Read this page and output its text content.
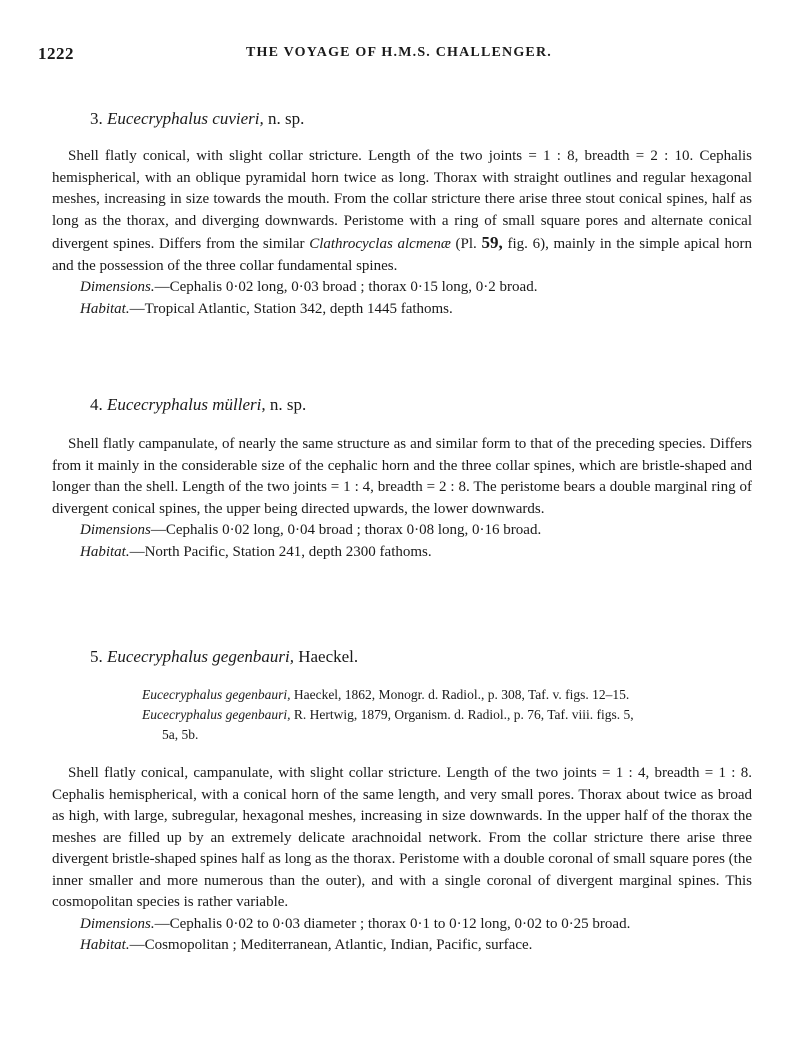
1222	THE VOYAGE OF H.M.S. CHALLENGER.

3. Eucecryphalus cuvieri, n. sp.

Shell flatly conical, with slight collar stricture. Length of the two joints = 1 : 8, breadth = 2 : 10. Cephalis hemispherical, with an oblique pyramidal horn twice as long. Thorax with straight outlines and regular hexagonal meshes, increasing in size towards the mouth. From the collar stricture there arise three stout conical spines, half as long as the thorax, and diverging downwards. Peristome with a ring of small square pores and alternate conical divergent spines. Differs from the similar Clathrocyclas alcmenæ (Pl. 59, fig. 6), mainly in the simple apical horn and the possession of the three collar fundamental spines.

Dimensions.—Cephalis 0·02 long, 0·03 broad ; thorax 0·15 long, 0·2 broad.

Habitat.—Tropical Atlantic, Station 342, depth 1445 fathoms.

4. Eucecryphalus mülleri, n. sp.

Shell flatly campanulate, of nearly the same structure as and similar form to that of the preceding species. Differs from it mainly in the considerable size of the cephalic horn and the three collar spines, which are bristle-shaped and longer than the shell. Length of the two joints = 1 : 4, breadth = 2 : 8. The peristome bears a double marginal ring of divergent conical spines, the upper being directed upwards, the lower downwards.

Dimensions—Cephalis 0·02 long, 0·04 broad ; thorax 0·08 long, 0·16 broad.

Habitat.—North Pacific, Station 241, depth 2300 fathoms.

5. Eucecryphalus gegenbauri, Haeckel.

Eucecryphalus gegenbauri, Haeckel, 1862, Monogr. d. Radiol., p. 308, Taf. v. figs. 12–15.

Eucecryphalus gegenbauri, R. Hertwig, 1879, Organism. d. Radiol., p. 76, Taf. viii. figs. 5,

5a, 5b.

Shell flatly conical, campanulate, with slight collar stricture. Length of the two joints = 1 : 4, breadth = 1 : 8. Cephalis hemispherical, with a conical horn of the same length, and very small pores. Thorax about twice as broad as high, with large, subregular, hexagonal meshes, increasing in size downwards. In the upper half of the thorax the meshes are filled up by an extremely delicate arachnoidal network. From the collar stricture there arise three divergent bristle-shaped spines half as long as the thorax. Peristome with a double coronal of small square pores (the inner smaller and more numerous than the outer), and with a single coronal of divergent marginal spines. This cosmopolitan species is rather variable.

Dimensions.—Cephalis 0·02 to 0·03 diameter ; thorax 0·1 to 0·12 long, 0·02 to 0·25 broad.

Habitat.—Cosmopolitan ; Mediterranean, Atlantic, Indian, Pacific, surface.
